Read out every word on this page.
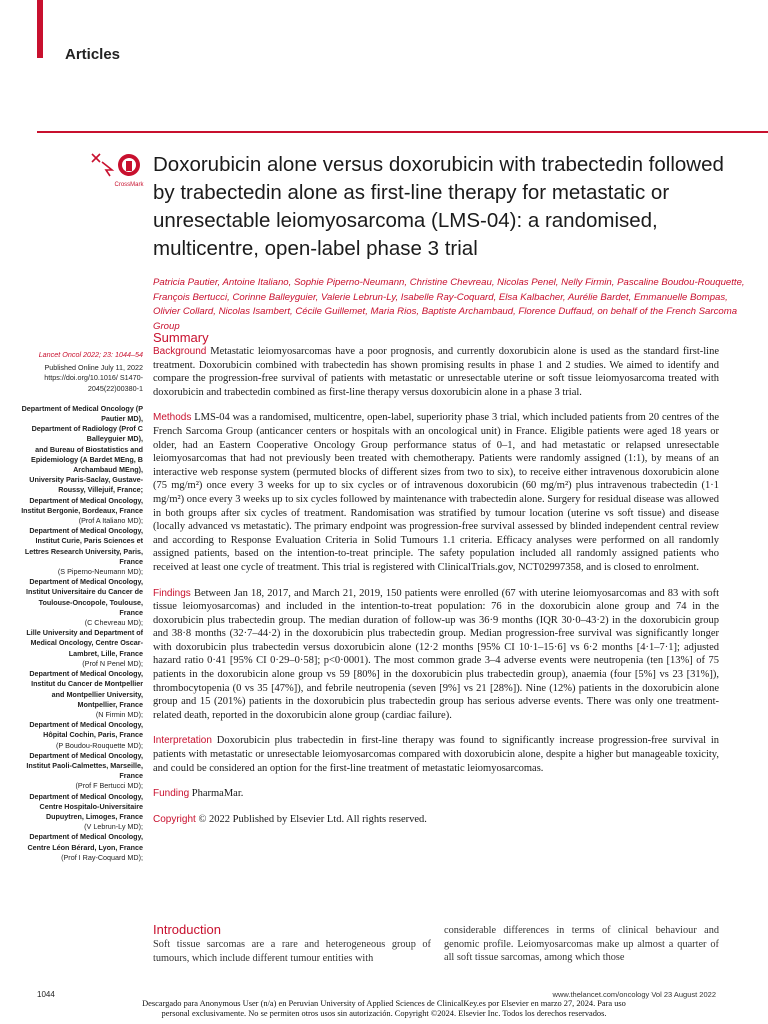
Articles
CrossMark
Doxorubicin alone versus doxorubicin with trabectedin followed by trabectedin alone as first-line therapy for metastatic or unresectable leiomyosarcoma (LMS-04): a randomised, multicentre, open-label phase 3 trial

Patricia Pautier, Antoine Italiano, Sophie Piperno-Neumann, Christine Chevreau, Nicolas Penel, Nelly Firmin, Pascaline Boudou-Rouquette, François Bertucci, Corinne Balleyguier, Valerie Lebrun-Ly, Isabelle Ray-Coquard, Elsa Kalbacher, Aurélie Bardet, Emmanuelle Bompas, Olivier Collard, Nicolas Isambert, Cécile Guillemet, Maria Rios, Baptiste Archambaud, Florence Duffaud, on behalf of the French Sarcoma Group

Summary
Lancet Oncol 2022; 23: 1044–54
Published Online July 11, 2022 https://doi.org/10.1016/ S1470-2045(22)00380-1
Department of Medical Oncology (P Pautier MD),
Department of Radiology (Prof C Balleyguier MD),
and Bureau of Biostatistics and Epidemiology (A Bardet MEng, B Archambaud MEng),
University Paris-Saclay, Gustave-Roussy, Villejuif, France; Department of Medical Oncology, Institut Bergonie, Bordeaux, France
(Prof A Italiano MD);
Department of Medical Oncology, Institut Curie, Paris Sciences et Lettres Research University, Paris, France
(S Piperno-Neumann MD);
Department of Medical Oncology, Institut Universitaire du Cancer de Toulouse-Oncopole, Toulouse, France
(C Chevreau MD);
Lille University and Department of Medical Oncology, Centre Oscar-Lambret, Lille, France
(Prof N Penel MD);
Department of Medical Oncology, Institut du Cancer de Montpellier and Montpellier University, Montpellier, France
(N Firmin MD);
Department of Medical Oncology, Hôpital Cochin, Paris, France
(P Boudou-Rouquette MD);
Department of Medical Oncology, Institut Paoli-Calmettes, Marseille, France
(Prof F Bertucci MD);
Department of Medical Oncology, Centre Hospitalo-Universitaire Dupuytren, Limoges, France
(V Lebrun-Ly MD);
Department of Medical Oncology, Centre Léon Bérard, Lyon, France
(Prof I Ray-Coquard MD);

Background Metastatic leiomyosarcomas have a poor prognosis, and currently doxorubicin alone is used as the standard first-line treatment. Doxorubicin combined with trabectedin has shown promising results in phase 1 and 2 studies. We aimed to identify and compare the progression-free survival of patients with metastatic or unresectable uterine or soft tissue leiomyosarcoma treated with doxorubicin and trabectedin combined as first-line therapy versus doxorubicin alone in a phase 3 trial.

Methods LMS-04 was a randomised, multicentre, open-label, superiority phase 3 trial, which included patients from 20 centres of the French Sarcoma Group (anticancer centers or hospitals with an oncological unit) in France. Eligible patients were aged 18 years or older, had an Eastern Cooperative Oncology Group performance status of 0–1, and had metastatic or relapsed unresectable leiomyosarcomas that had not previously been treated with chemotherapy. Patients were randomly assigned (1:1), by means of an interactive web response system (permuted blocks of different sizes from two to six), to receive either intravenous doxorubicin alone (75 mg/m²) once every 3 weeks for up to six cycles or of intravenous doxorubicin (60 mg/m²) plus intravenous trabectedin (1·1 mg/m²) once every 3 weeks up to six cycles followed by maintenance with trabectedin alone. Surgery for residual disease was allowed in both groups after six cycles of treatment. Randomisation was stratified by tumour location (uterine vs soft tissue) and disease (locally advanced vs metastatic). The primary endpoint was progression-free survival assessed by blinded independent central review and according to Response Evaluation Criteria in Solid Tumours 1.1 criteria. Efficacy analyses were performed on all randomly assigned patients, based on the intention-to-treat principle. The safety population included all randomly assigned patients who received at least one cycle of treatment. This trial is registered with ClinicalTrials.gov, NCT02997358, and is closed to enrolment.

Findings Between Jan 18, 2017, and March 21, 2019, 150 patients were enrolled (67 with uterine leiomyosarcomas and 83 with soft tissue leiomyosarcomas) and included in the intention-to-treat population: 76 in the doxorubicin alone group and 74 in the doxorubicin plus trabectedin group. The median duration of follow-up was 36·9 months (IQR 30·0–43·2) in the doxorubicin group and 38·8 months (32·7–44·2) in the doxorubicin plus trabectedin group. Median progression-free survival was significantly longer with doxorubicin plus trabectedin versus doxorubicin alone (12·2 months [95% CI 10·1–15·6] vs 6·2 months [4·1–7·1]; adjusted hazard ratio 0·41 [95% CI 0·29–0·58]; p<0·0001). The most common grade 3–4 adverse events were neutropenia (ten [13%] of 75 patients in the doxorubicin alone group vs 59 [80%] in the doxorubicin plus trabectedin group), anaemia (four [5%] vs 23 [31%]), thrombocytopenia (0 vs 35 [47%]), and febrile neutropenia (seven [9%] vs 21 [28%]). Nine (12%) patients in the doxorubicin alone group and 15 (201%) patients in the doxorubicin plus trabectedin group has serious adverse events. There was only one treatment-related death, reported in the doxorubicin alone group (cardiac failure).

Interpretation Doxorubicin plus trabectedin in first-line therapy was found to significantly increase progression-free survival in patients with metastatic or unresectable leiomyosarcomas compared with doxorubicin alone, despite a higher but manageable toxicity, and could be considered an option for the first-line treatment of metastatic leiomyosarcomas.

Funding PharmaMar.

Copyright © 2022 Published by Elsevier Ltd. All rights reserved.

Introduction

Soft tissue sarcomas are a rare and heterogeneous group of tumours, which include different tumour entities with

considerable differences in terms of clinical behaviour and genomic profile. Leiomyosarcomas make up almost a quarter of all soft tissue sarcomas, among which those

1044	www.thelancet.com/oncology Vol 23 August 2022
Descargado para Anonymous User (n/a) en Peruvian University of Applied Sciences de ClinicalKey.es por Elsevier en marzo 27, 2024. Para uso
personal exclusivamente. No se permiten otros usos sin autorización. Copyright ©2024. Elsevier Inc. Todos los derechos reservados.
